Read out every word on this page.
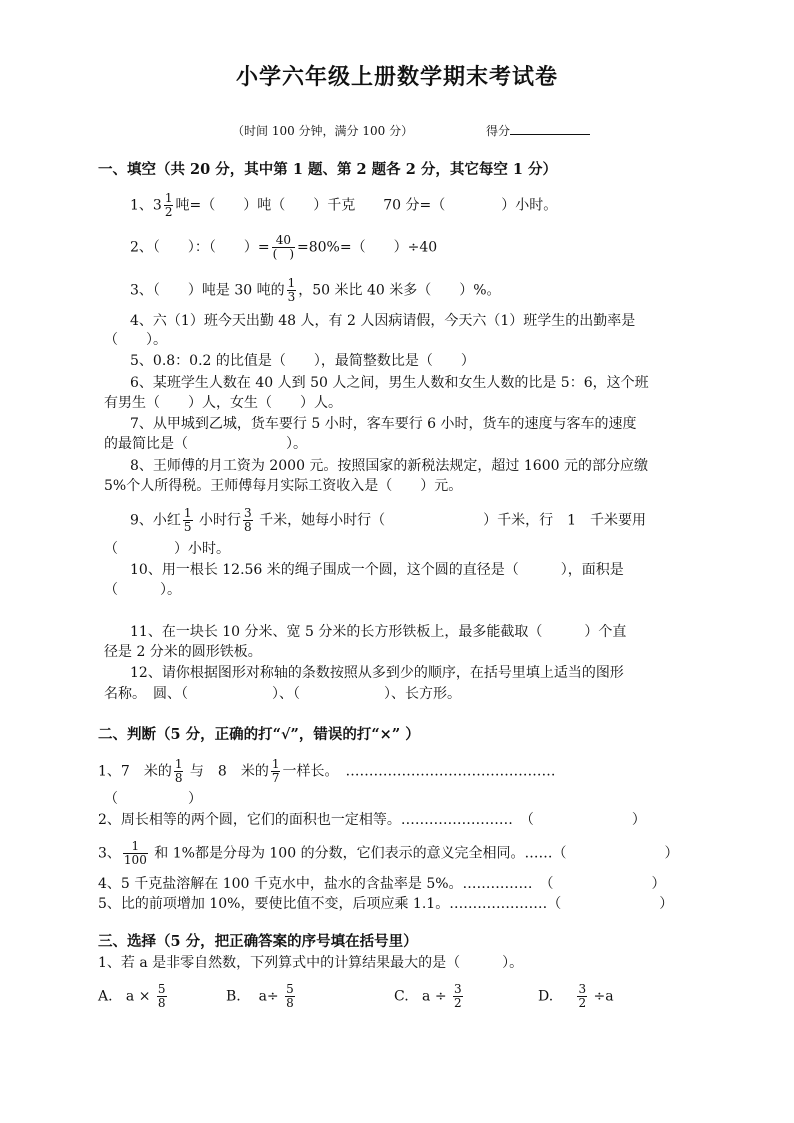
小学六年级上册数学期末考试卷
（时间 100 分钟，满分 100 分）	得分
一、填空（共 20 分，其中第 1 题、第 2 题各 2 分，其它每空 1 分）
1、$3 \frac{1}{2}$ 吨=（　　）吨（　　）千克　　70 分=（　　　　）小时。
2、（　　）：（　　）= $\frac{40}{( )} =80\%=$（　　）÷40
3、（　　）吨是 30 吨的 $\frac{1}{3}$ ，50 米比 40 米多（　　）%。
4、六（1）班今天出勤 48 人，有 2 人因病请假，今天六（1）班学生的出勤率是
（　　）。
5、0.8：0.2 的比值是（　　），最简整数比是（　　）
6、某班学生人数在 40 人到 50 人之间，男生人数和女生人数的比是 5：6，这个班
有男生（　　）人，女生（　　）人。
7、从甲城到乙城，货车要行 5 小时，客车要行 6 小时，货车的速度与客车的速度
的最简比是（　　　　　　　）。
8、王师傅的月工资为 2000 元。按照国家的新税法规定，超过 1600 元的部分应缴
5%个人所得税。王师傅每月实际工资收入是（　　）元。
9、小红 $\frac{1}{5}$ 小时行 $\frac{3}{8}$ 千米，她每小时行（　　　　　　　）千米，行　1　千米要用
（　　　　）小时。
10、用一根长 12.56 米的绳子围成一个圆，这个圆的直径是（　　　），面积是
（　　　）。
11、在一块长 10 分米、宽 5 分米的长方形铁板上，最多能截取（　　　）个直
径是 2 分米的圆形铁板。
12、请你根据图形对称轴的条数按照从多到少的顺序，在括号里填上适当的图形
名称。　圆、（　　　　　　）、（　　　　　　）、长方形。
二、判断（5 分，正确的打“√”，错误的打“×” ）
1、7　米的 $\frac{1}{8}$ 与　8　米的 $\frac{1}{7}$ 一样长。　………………………………………
（　　　　　）
2、周长相等的两个圆，它们的面积也一定相等。……………………　（　　　　　　　）
3、 $\frac{1}{100}$ 和 1%都是分母为 100 的分数，它们表示的意义完全相同。……（　　　　　　　）
4、5 千克盐溶解在 100 千克水中，盐水的含盐率是 5%。……………　（　　　　　　　）
5、比的前项增加 10%，要使比值不变，后项应乘 1.1。…………………（　　　　　　　）
三、选择（5 分，把正确答案的序号填在括号里）
1、若 a 是非零自然数，下列算式中的计算结果最大的是（　　　）。
A. $a \times \frac{5}{8}$	B. $a\div \frac{5}{8}$	C. $a \div \frac{3}{2}$	D. $\frac{3}{2} \div a$
